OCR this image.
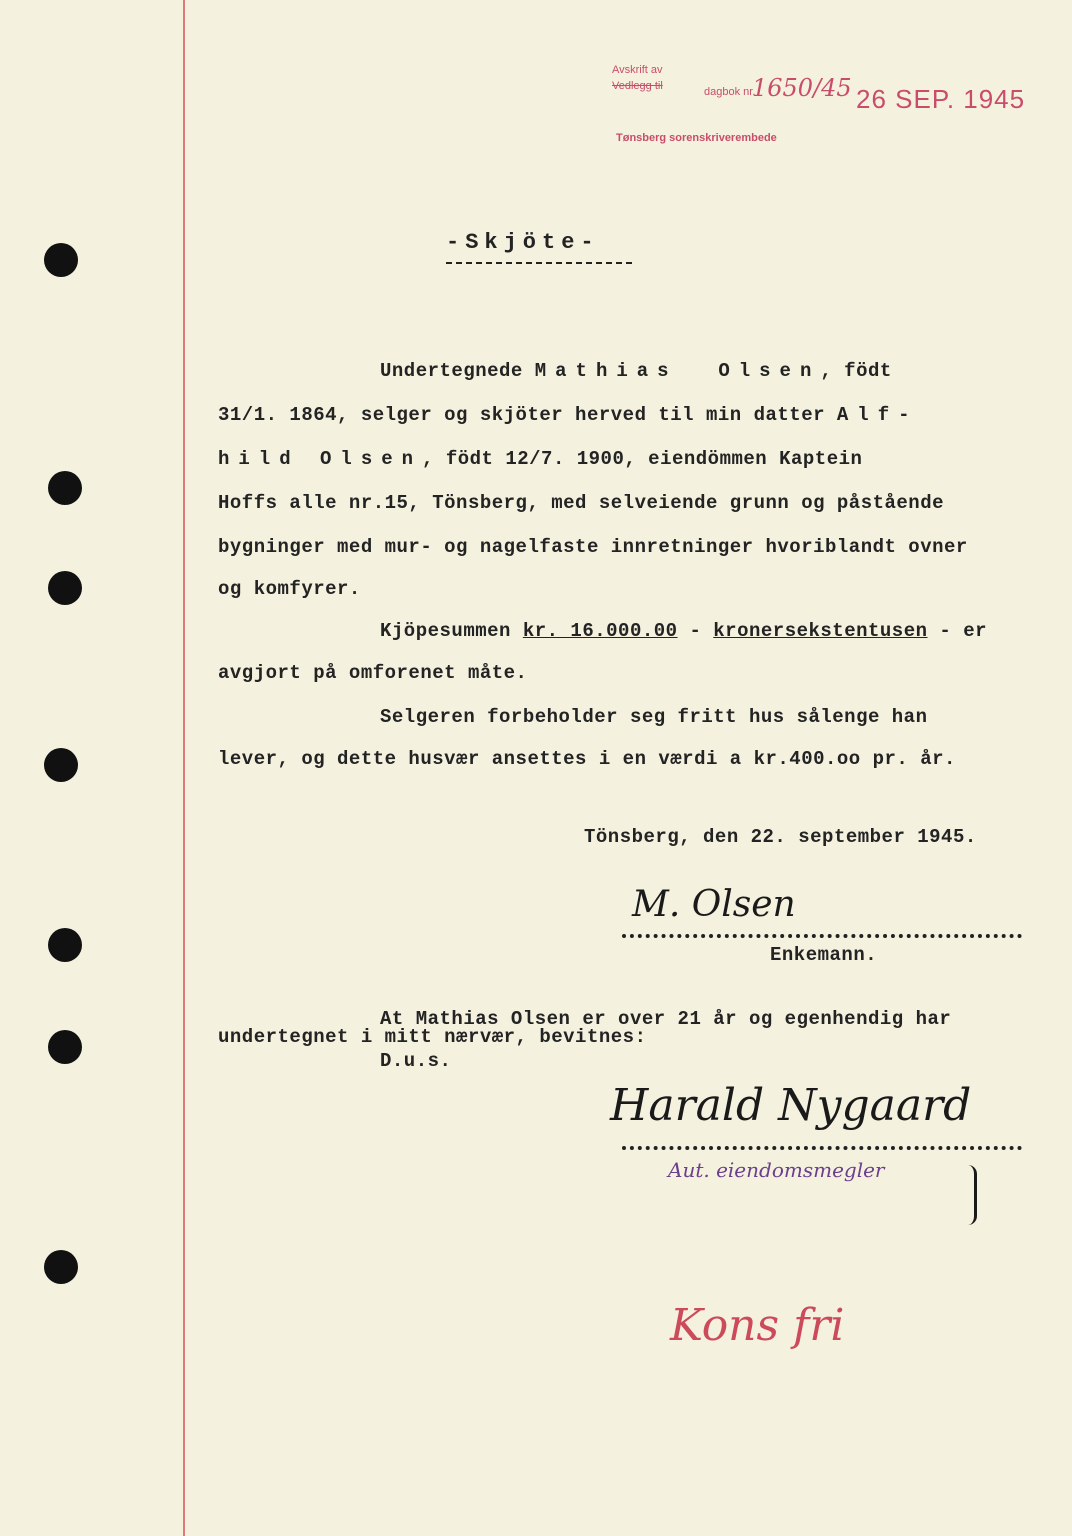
Avskrift av
Vedlegg til	dagbok nr.
1650/45 26 SEP. 1945
Tønsberg sorenskriverembede
-Skjöte-
Undertegnede Mathias  Olsen, födt
31/1. 1864, selger og skjöter herved til min datter Alf-
hild Olsen, födt 12/7. 1900, eiendömmen Kaptein
Hoffs alle nr.15, Tönsberg, med selveiende grunn og påstående
bygninger med mur- og nagelfaste innretninger hvoriblandt ovner
og komfyrer.
Kjöpesummen kr. 16.000.00 - kronersekstentusen - er
avgjort på omforenet måte.
Selgeren forbeholder seg fritt hus sålenge han
lever, og dette husvær ansettes i en værdi a kr.400.oo pr. år.
Tönsberg, den 22. september 1945.
M. Olsen
Enkemann.
At Mathias Olsen er over 21 år og egenhendig har
undertegnet i mitt nærvær, bevitnes:
D.u.s.
Harald Nygaard
Aut. eiendomsmegler
Kons fri
